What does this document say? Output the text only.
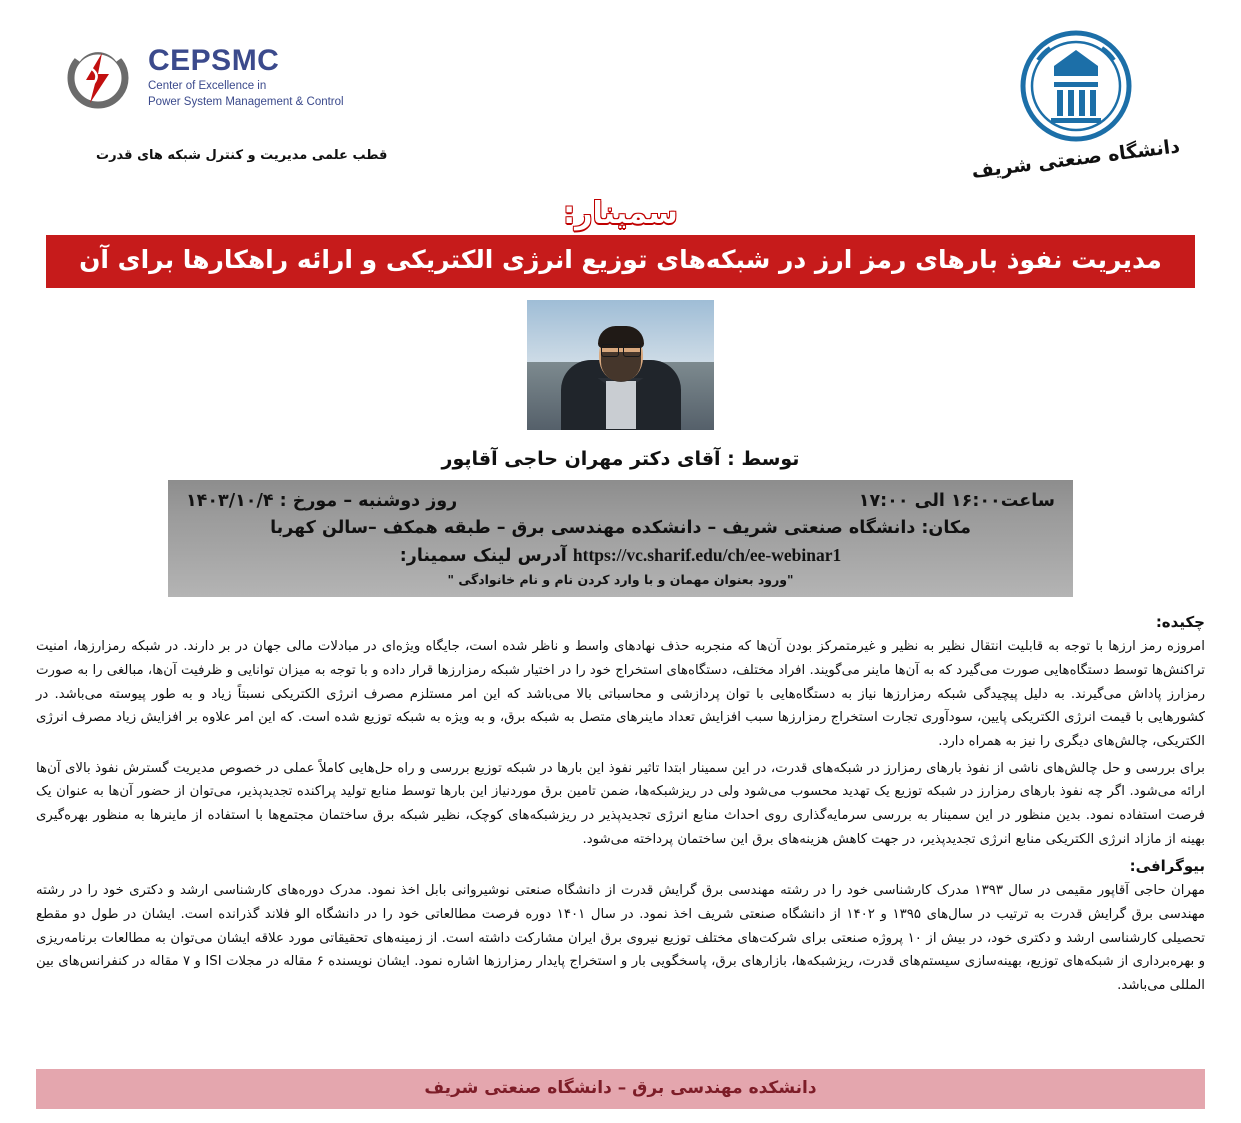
CEPSMC
Center of Excellence in
Power System Management & Control
قطب علمی مدیریت و کنترل شبکه های قدرت	دانشگاه صنعتی شریف
سمینار:
مدیریت نفوذ بارهای رمز ارز در شبکه‌های توزیع انرژی الکتریکی و ارائه راهکارها برای آن
توسط : آقای دکتر مهران حاجی آقاپور
ساعت۱۶:۰۰ الی ۱۷:۰۰
روز دوشنبه – مورخ : ۱۴۰۳/۱۰/۴
مکان: دانشگاه صنعتی شریف – دانشکده مهندسی برق – طبقه همکف –سالن کهربا
https://vc.sharif.edu/ch/ee-webinar1 آدرس لینک سمینار:
"ورود بعنوان مهمان و با وارد کردن نام و نام خانوادگی "
چکیده:

امروزه رمز ارزها با توجه به قابلیت انتقال نظیر به نظیر و غیرمتمرکز بودن آن‌ها که منجربه حذف نهادهای واسط و ناظر شده است، جایگاه ویژه‌ای در مبادلات مالی جهان در بر دارند. در شبکه رمزارزها، امنیت تراکنش‌ها توسط دستگاه‌هایی صورت می‌گیرد که به آن‌ها ماینر می‌گویند. افراد مختلف، دستگاه‌های استخراج خود را در اختیار شبکه رمزارزها قرار داده و با توجه به میزان توانایی و ظرفیت آن‌ها، مبالغی را به صورت رمزارز پاداش می‌گیرند. به دلیل پیچیدگی شبکه رمزارزها نیاز به دستگاه‌هایی با توان پردازشی و محاسباتی بالا می‌باشد که این امر مستلزم مصرف انرژی الکتریکی نسبتاً زیاد و به طور پیوسته می‌باشد. در کشورهایی با قیمت انرژی الکتریکی پایین، سودآوری تجارت استخراج رمزارزها سبب افزایش تعداد ماینرهای متصل به شبکه برق، و به ویژه به شبکه توزیع شده است. که این امر علاوه بر افزایش زیاد مصرف انرژی الکتریکی، چالش‌های دیگری را نیز به همراه دارد.

برای بررسی و حل چالش‌های ناشی از نفوذ بارهای رمزارز در شبکه‌های قدرت، در این سمینار ابتدا تاثیر نفوذ این بارها در شبکه توزیع بررسی و راه حل‌هایی کاملاً عملی در خصوص مدیریت گسترش نفوذ بالای آن‌ها ارائه می‌شود. اگر چه نفوذ بارهای رمزارز در شبکه توزیع یک تهدید محسوب می‌شود ولی در ریزشبکه‌ها، ضمن تامین برق موردنیاز این بارها توسط منابع تولید پراکنده تجدیدپذیر، می‌توان از حضور آن‌ها به عنوان یک فرصت استفاده نمود. بدین منظور در این سمینار به بررسی سرمایه‌گذاری روی احداث منابع انرژی تجدیدپذیر در ریزشبکه‌های کوچک، نظیر شبکه برق ساختمان مجتمع‌ها با استفاده از ماینرها به منظور بهره‌گیری بهینه از مازاد انرژی الکتریکی منابع انرژی تجدیدپذیر، در جهت کاهش هزینه‌های برق این ساختمان پرداخته می‌شود.

بیوگرافی:

مهران حاجی آقاپور مقیمی در سال ۱۳۹۳ مدرک کارشناسی خود را در رشته مهندسی برق گرایش قدرت از دانشگاه صنعتی نوشیروانی بابل اخذ نمود. مدرک دوره‌های کارشناسی ارشد و دکتری خود را در رشته مهندسی برق گرایش قدرت به ترتیب در سال‌های ۱۳۹۵ و ۱۴۰۲ از دانشگاه صنعتی شریف اخذ نمود. در سال ۱۴۰۱ دوره فرصت مطالعاتی خود را در دانشگاه الو فلاند گذرانده است. ایشان در طول دو مقطع تحصیلی کارشناسی ارشد و دکتری خود، در بیش از ۱۰ پروژه صنعتی برای شرکت‌های مختلف توزیع نیروی برق ایران مشارکت داشته است. از زمینه‌های تحقیقاتی مورد علاقه ایشان می‌توان به مطالعات برنامه‌ریزی و بهره‌برداری از شبکه‌های توزیع، بهینه‌سازی سیستم‌های قدرت، ریزشبکه‌ها، بازارهای برق، پاسخگویی بار و استخراج پایدار رمزارزها اشاره نمود. ایشان نویسنده ۶ مقاله در مجلات ISI و ۷ مقاله در کنفرانس‌های بین المللی می‌باشد.

دانشکده مهندسی برق – دانشگاه صنعتی شریف
